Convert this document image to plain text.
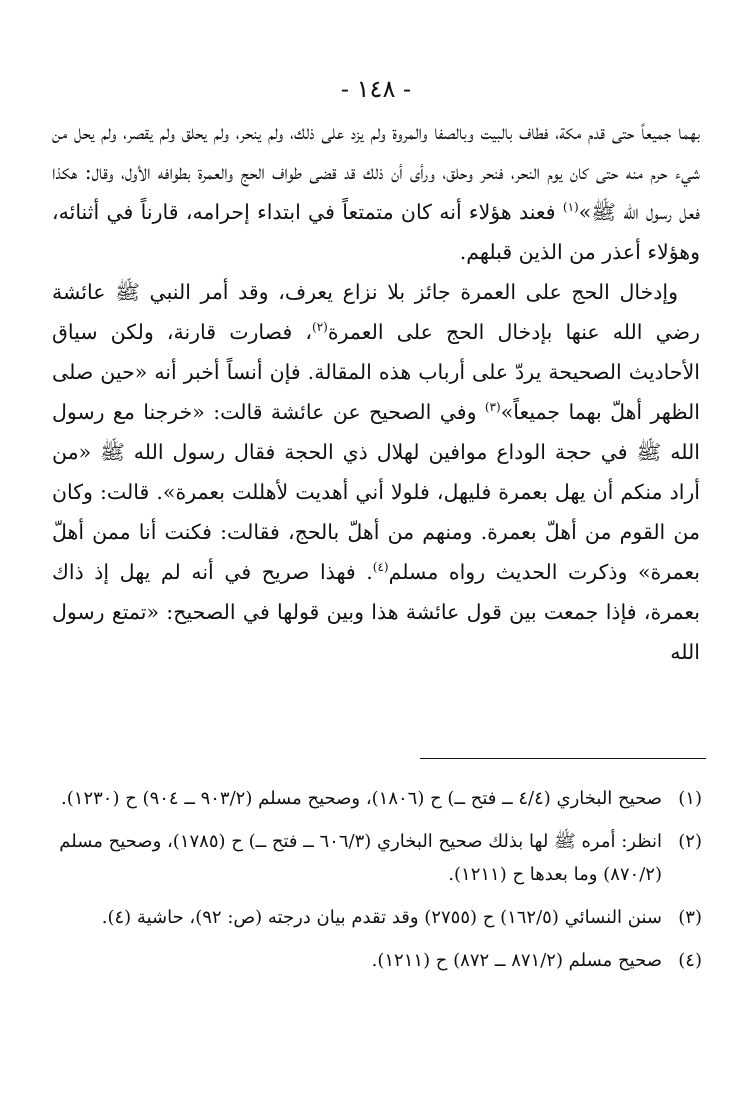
- ١٤٨ -

بهما جميعاً حتى قدم مكة، فطاف بالبيت وبالصفا والمروة ولم يزد على ذلك، ولم ينحر، ولم يحلق ولم يقصر، ولم يحل من شيء حرم منه حتى كان يوم النحر، فنحر وحلق، ورأى أن ذلك قد قضى طواف الحج والعمرة بطوافه الأول، وقال: هكذا فعل رسول الله ﷺ»$^{(١)}$ فعند هؤلاء أنه كان متمتعاً في ابتداء إحرامه، قارناً في أثنائه، وهؤلاء أعذر من الذين قبلهم.

وإدخال الحج على العمرة جائز بلا نزاع يعرف، وقد أمر النبي ﷺ عائشة رضي الله عنها بإدخال الحج على العمرة$^{(٢)}$، فصارت قارنة، ولكن سياق الأحاديث الصحيحة يردّ على أرباب هذه المقالة. فإن أنساً أخبر أنه «حين صلى الظهر أهلّ بهما جميعاً»$^{(٣)}$ وفي الصحيح عن عائشة قالت: «خرجنا مع رسول الله ﷺ في حجة الوداع موافين لهلال ذي الحجة فقال رسول الله ﷺ «من أراد منكم أن يهل بعمرة فليهل، فلولا أني أهديت لأهللت بعمرة». قالت: وكان من القوم من أهلّ بعمرة. ومنهم من أهلّ بالحج، فقالت: فكنت أنا ممن أهلّ بعمرة» وذكرت الحديث رواه مسلم$^{(٤)}$. فهذا صريح في أنه لم يهل إذ ذاك بعمرة، فإذا جمعت بين قول عائشة هذا وبين قولها في الصحيح: «تمتع رسول الله

(١)صحيح البخاري (٤/٤ ــ فتح ــ) ح (١٨٠٦)، وصحيح مسلم (٩٠٣/٢ ــ ٩٠٤) ح (١٢٣٠).

(٢)انظر: أمره ﷺ لها بذلك صحيح البخاري (٦٠٦/٣ ــ فتح ــ) ح (١٧٨٥)، وصحيح مسلم (٨٧٠/٢) وما بعدها ح (١٢١١).

(٣)سنن النسائي (١٦٢/٥) ح (٢٧٥٥) وقد تقدم بيان درجته (ص: ٩٢)، حاشية (٤).

(٤)صحيح مسلم (٨٧١/٢ ــ ٨٧٢) ح (١٢١١).
